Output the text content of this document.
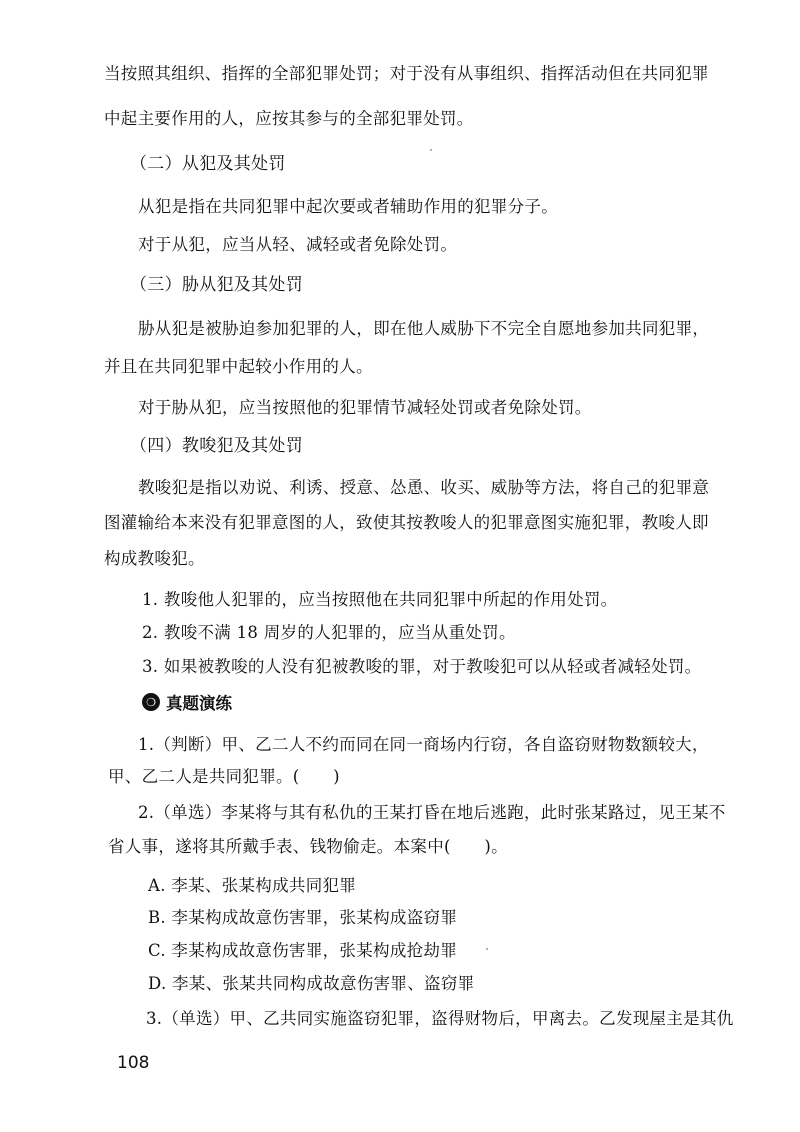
当按照其组织、指挥的全部犯罪处罚；对于没有从事组织、指挥活动但在共同犯罪
中起主要作用的人，应按其参与的全部犯罪处罚。
（二）从犯及其处罚
从犯是指在共同犯罪中起次要或者辅助作用的犯罪分子。
对于从犯，应当从轻、减轻或者免除处罚。
（三）胁从犯及其处罚
胁从犯是被胁迫参加犯罪的人，即在他人威胁下不完全自愿地参加共同犯罪，
并且在共同犯罪中起较小作用的人。
对于胁从犯，应当按照他的犯罪情节减轻处罚或者免除处罚。
（四）教唆犯及其处罚
教唆犯是指以劝说、利诱、授意、怂恿、收买、威胁等方法，将自己的犯罪意
图灌输给本来没有犯罪意图的人，致使其按教唆人的犯罪意图实施犯罪，教唆人即
构成教唆犯。
1. 教唆他人犯罪的，应当按照他在共同犯罪中所起的作用处罚。
2. 教唆不满 18 周岁的人犯罪的，应当从重处罚。
3. 如果被教唆的人没有犯被教唆的罪，对于教唆犯可以从轻或者减轻处罚。
❍ 真题演练
1.（判断）甲、乙二人不约而同在同一商场内行窃，各自盗窃财物数额较大，
甲、乙二人是共同犯罪。(　　)
2.（单选）李某将与其有私仇的王某打昏在地后逃跑，此时张某路过，见王某不
省人事，遂将其所戴手表、钱物偷走。本案中(　　)。
A. 李某、张某构成共同犯罪
B. 李某构成故意伤害罪，张某构成盗窃罪
C. 李某构成故意伤害罪，张某构成抢劫罪
D. 李某、张某共同构成故意伤害罪、盗窃罪
3.（单选）甲、乙共同实施盗窃犯罪，盗得财物后，甲离去。乙发现屋主是其仇
108
